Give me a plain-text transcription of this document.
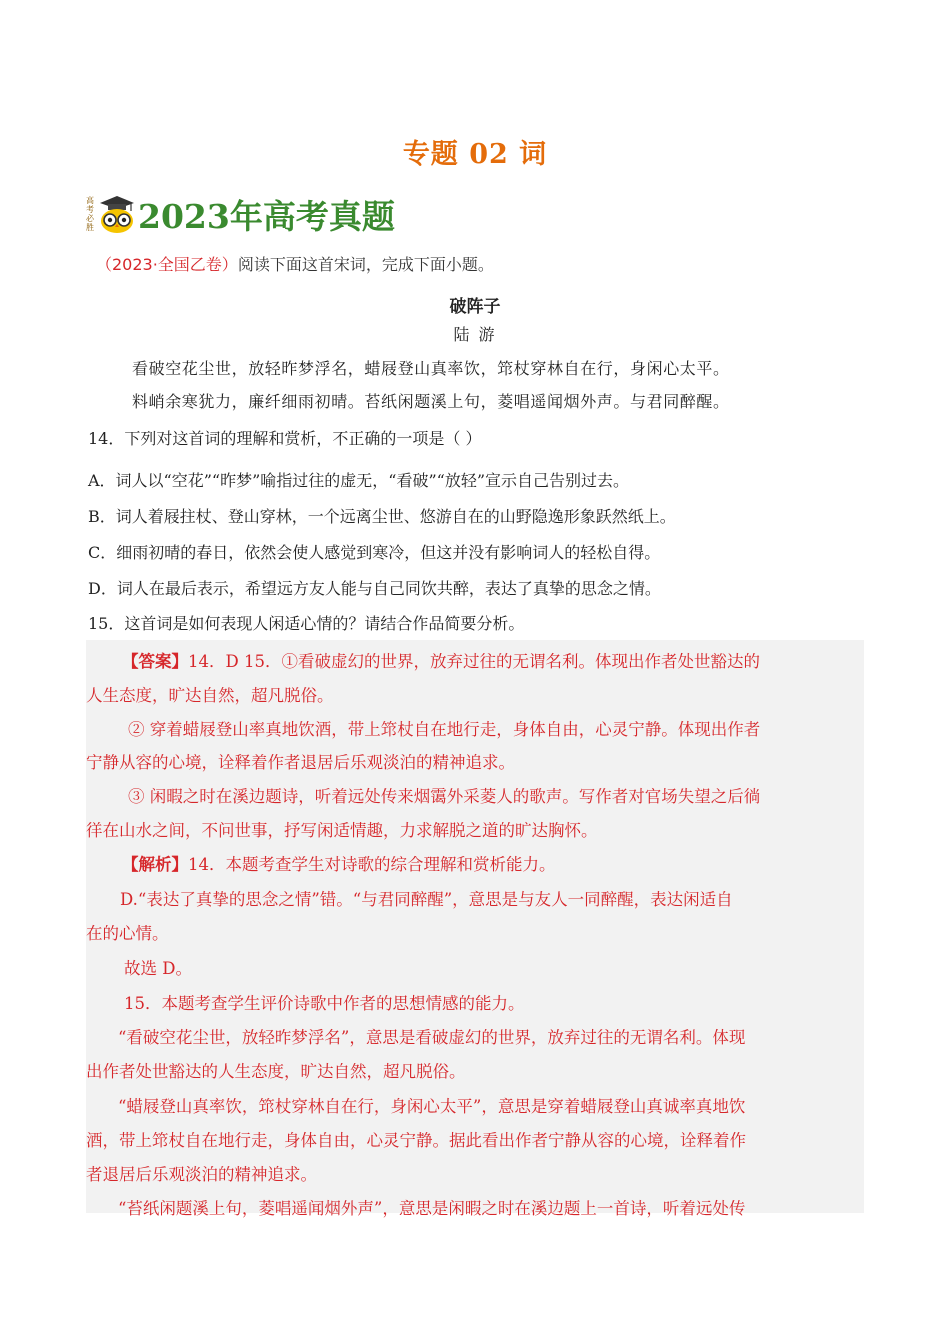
专题 02 词
高
考
必
胜 2023年高考真题
（2023·全国乙卷）阅读下面这首宋词，完成下面小题。
破阵子
陆 游
看破空花尘世，放轻昨梦浮名，蜡屐登山真率饮，筇杖穿林自在行，身闲心太平。
料峭余寒犹力，廉纤细雨初晴。苔纸闲题溪上句，菱唱遥闻烟外声。与君同醉醒。
14．下列对这首词的理解和赏析，不正确的一项是（ ）
A．词人以“空花”“昨梦”喻指过往的虚无，“看破”“放轻”宣示自己告别过去。
B．词人着屐拄杖、登山穿林，一个远离尘世、悠游自在的山野隐逸形象跃然纸上。
C．细雨初晴的春日，依然会使人感觉到寒冷，但这并没有影响词人的轻松自得。
D．词人在最后表示，希望远方友人能与自己同饮共醉，表达了真挚的思念之情。
15．这首词是如何表现人闲适心情的？请结合作品简要分析。
【答案】14．D 15．①看破虚幻的世界，放弃过往的无谓名利。体现出作者处世豁达的
人生态度，旷达自然，超凡脱俗。
② 穿着蜡屐登山率真地饮酒，带上筇杖自在地行走，身体自由，心灵宁静。体现出作者
宁静从容的心境，诠释着作者退居后乐观淡泊的精神追求。
③ 闲暇之时在溪边题诗，听着远处传来烟霭外采菱人的歌声。写作者对官场失望之后徜
徉在山水之间，不问世事，抒写闲适情趣，力求解脱之道的旷达胸怀。
【解析】14．本题考查学生对诗歌的综合理解和赏析能力。
D.“表达了真挚的思念之情”错。“与君同醉醒”，意思是与友人一同醉醒，表达闲适自
在的心情。
故选 D。
15．本题考查学生评价诗歌中作者的思想情感的能力。
“看破空花尘世，放轻昨梦浮名”，意思是看破虚幻的世界，放弃过往的无谓名利。体现
出作者处世豁达的人生态度，旷达自然，超凡脱俗。
“蜡屐登山真率饮，筇杖穿林自在行，身闲心太平”，意思是穿着蜡屐登山真诚率真地饮
酒，带上筇杖自在地行走，身体自由，心灵宁静。据此看出作者宁静从容的心境，诠释着作
者退居后乐观淡泊的精神追求。
“苔纸闲题溪上句，菱唱遥闻烟外声”，意思是闲暇之时在溪边题上一首诗，听着远处传
